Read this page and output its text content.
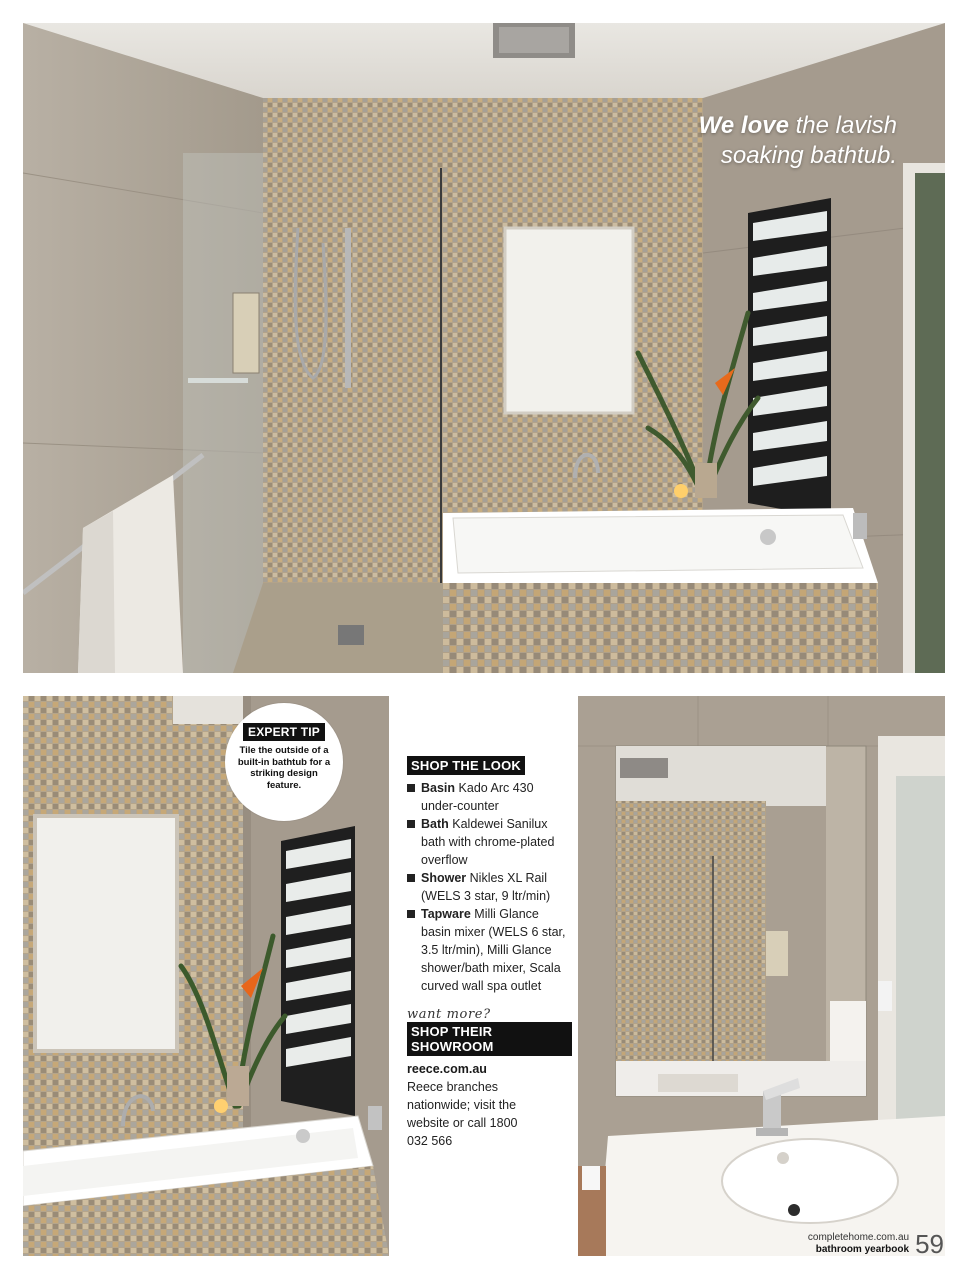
We love the lavish soaking bathtub.
EXPERT TIP
Tile the outside of a built-in bathtub for a striking design feature.
SHOP THE LOOK
Basin Kado Arc 430 under-counter
Bath Kaldewei Sanilux bath with chrome-plated overflow
Shower Nikles XL Rail (WELS 3 star, 9 ltr/min)
Tapware Milli Glance basin mixer (WELS 6 star, 3.5 ltr/min), Milli Glance shower/bath mixer, Scala curved wall spa outlet
want more?
SHOP THEIR SHOWROOM
reece.com.au
Reece branches nationwide; visit the website or call 1800 032 566
completehome.com.au
bathroom yearbook 59
